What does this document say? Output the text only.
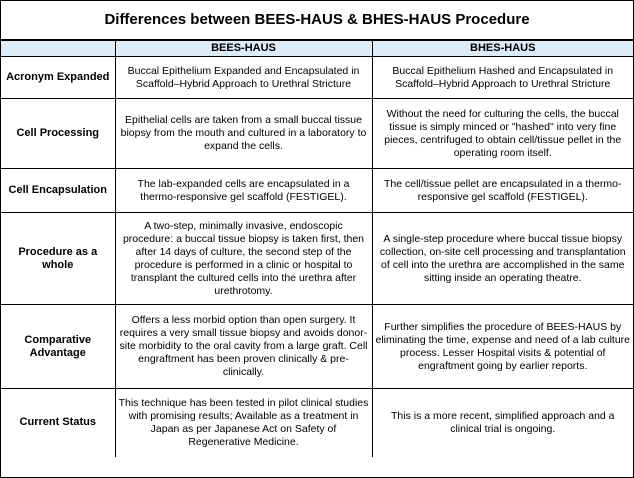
Differences between BEES-HAUS & BHES-HAUS Procedure
	BEES-HAUS	BHES-HAUS
Acronym Expanded	Buccal Epithelium Expanded and Encapsulated in Scaffold–Hybrid Approach to Urethral Stricture	Buccal Epithelium Hashed and Encapsulated in Scaffold–Hybrid Approach to Urethral Stricture
Cell Processing	Epithelial cells are taken from a small buccal tissue biopsy from the mouth and cultured in a laboratory to expand the cells.	Without the need for culturing the cells, the buccal tissue is simply minced or "hashed" into very fine pieces, centrifuged to obtain cell/tissue pellet in the operating room itself.
Cell Encapsulation	The lab-expanded cells are encapsulated in a thermo-responsive gel scaffold (FESTIGEL).	The cell/tissue pellet are encapsulated in a thermo-responsive gel scaffold (FESTIGEL).
Procedure as a whole	A two-step, minimally invasive, endoscopic procedure: a buccal tissue biopsy is taken first, then after 14 days of culture, the second step of the procedure is performed in a clinic or hospital to transplant the cultured cells into the urethra after urethrotomy.	A single-step procedure where buccal tissue biopsy collection, on-site cell processing and transplantation of cell into the urethra are accomplished in the same sitting inside an operating theatre.
Comparative Advantage	Offers a less morbid option than open surgery. It requires a very small tissue biopsy and avoids donor-site morbidity to the oral cavity from a large graft. Cell engraftment has been proven clinically & pre-clinically.	Further simplifies the procedure of BEES-HAUS by eliminating the time, expense and need of a lab culture process. Lesser Hospital visits & potential of engraftment going by earlier reports.
Current Status	This technique has been tested in pilot clinical studies with promising results; Available as a treatment in Japan as per Japanese Act on Safety of Regenerative Medicine.	This is a more recent, simplified approach and a clinical trial is ongoing.
